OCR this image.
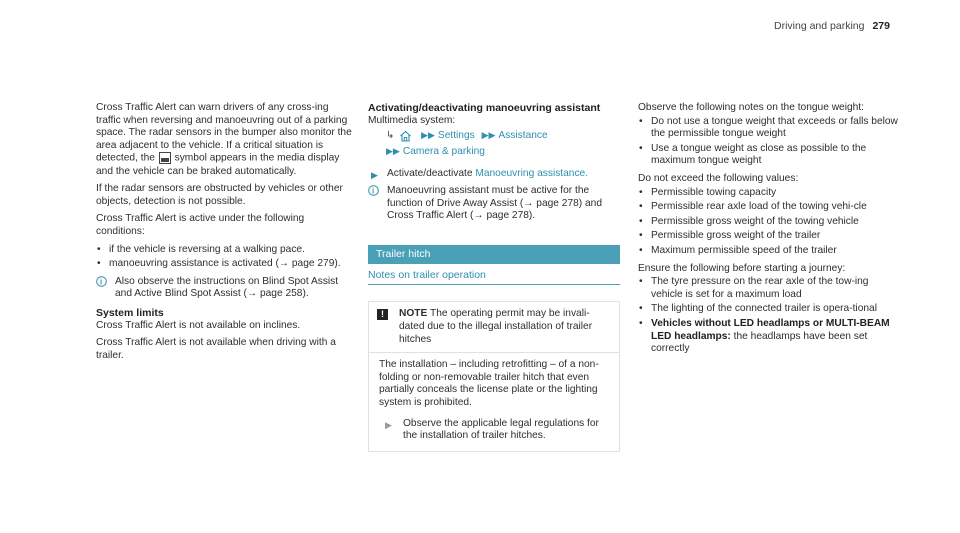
Driving and parking 279

Cross Traffic Alert can warn drivers of any cross-ing traffic when reversing and manoeuvring out of a parking space. The radar sensors in the bumper also monitor the area adjacent to the vehicle. If a critical situation is detected, the symbol appears in the media display and the vehicle can be braked automatically.

If the radar sensors are obstructed by vehicles or other objects, detection is not possible.

Cross Traffic Alert is active under the following conditions:

• if the vehicle is reversing at a walking pace.
• manoeuvring assistance is activated (→ page 279).
i Also observe the instructions on Blind Spot Assist and Active Blind Spot Assist (→ page 258).
System limits

Cross Traffic Alert is not available on inclines.

Cross Traffic Alert is not available when driving with a trailer.

Activating/deactivating manoeuvring assistant
Multimedia system:
↳	▶▶ Settings ▶▶ Assistance
▶▶ Camera & parking
▶ Activate/deactivate Manoeuvring assistance.
i Manoeuvring assistant must be active for the function of Drive Away Assist (→ page 278) and Cross Traffic Alert (→ page 278).
Trailer hitch
Notes on trailer operation
!	NOTE The operating permit may be invali-dated due to the illegal installation of trailer hitches
The installation – including retrofitting – of a non-folding or non-removable trailer hitch that even partially conceals the license plate or the lighting system is prohibited.
▶ Observe the applicable legal regulations for the installation of trailer hitches.

Observe the following notes on the tongue weight:

• Do not use a tongue weight that exceeds or falls below the permissible tongue weight
• Use a tongue weight as close as possible to the maximum tongue weight

Do not exceed the following values:

• Permissible towing capacity
• Permissible rear axle load of the towing vehi-cle
• Permissible gross weight of the towing vehicle
• Permissible gross weight of the trailer
• Maximum permissible speed of the trailer

Ensure the following before starting a journey:

• The tyre pressure on the rear axle of the tow-ing vehicle is set for a maximum load
• The lighting of the connected trailer is opera-tional
• Vehicles without LED headlamps or MULTI-BEAM LED headlamps: the headlamps have been set correctly
